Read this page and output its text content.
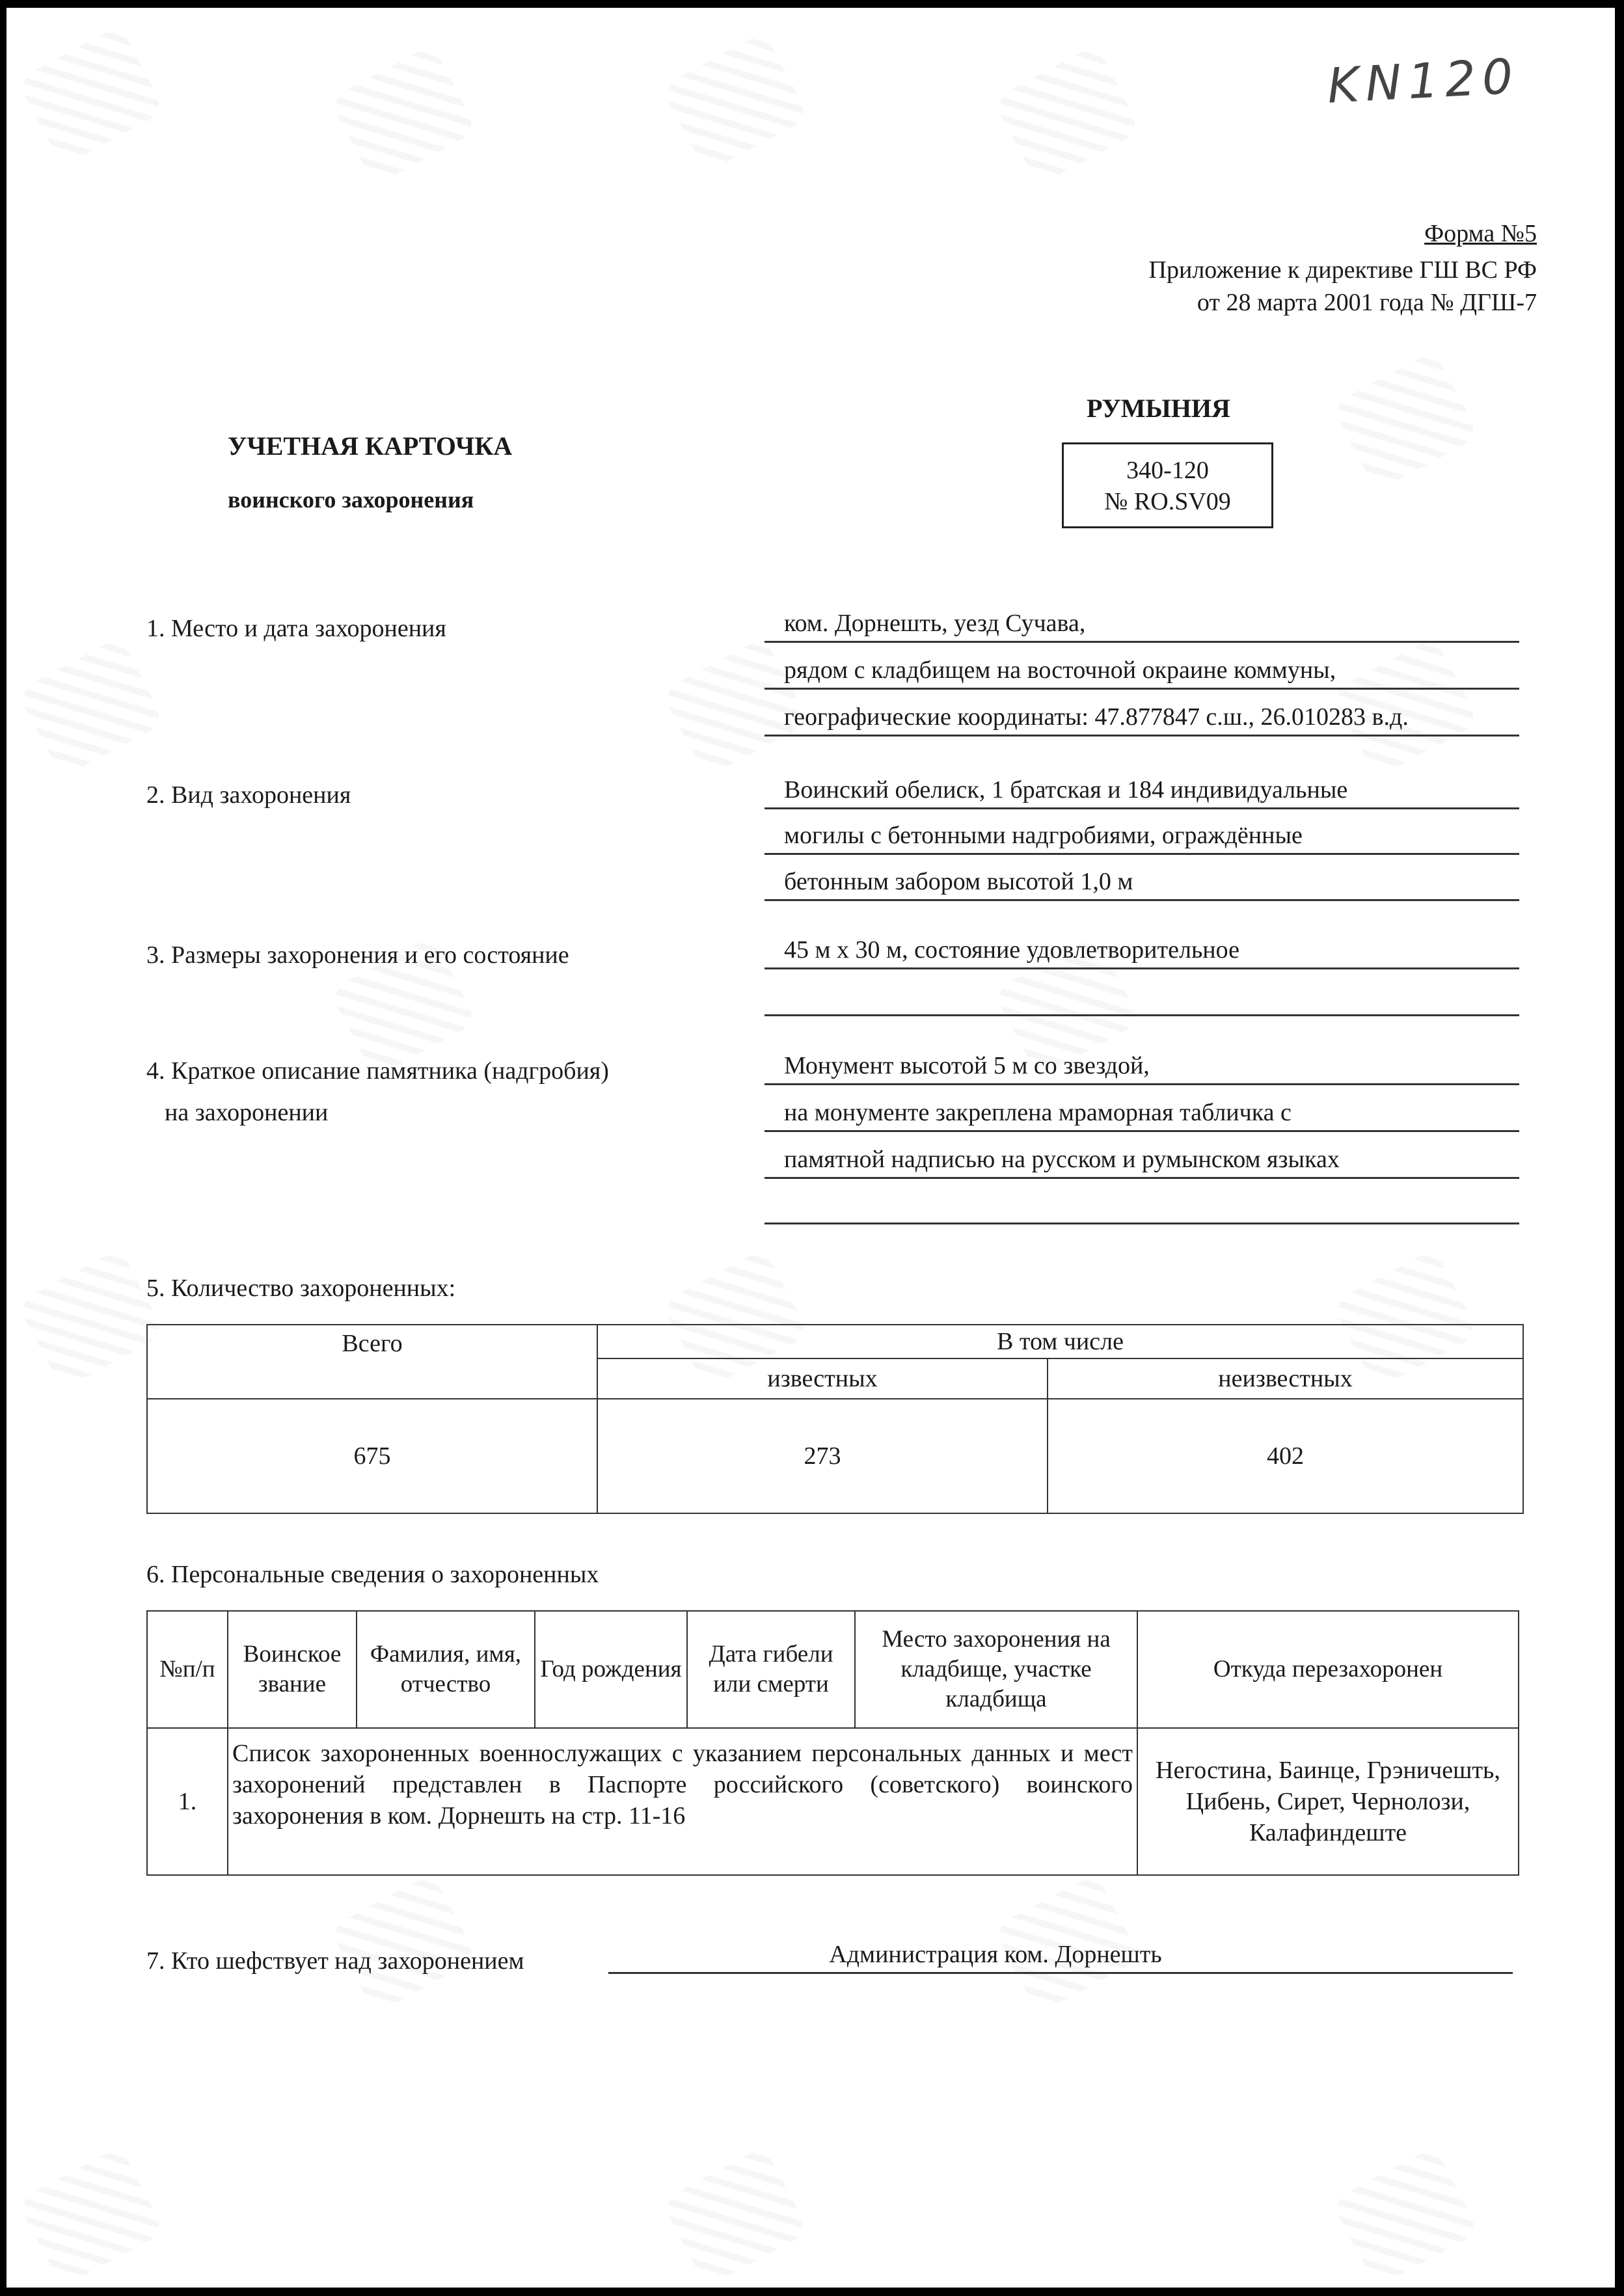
KN120
Форма №5
Приложение к директиве ГШ ВС РФ
от 28 марта 2001 года № ДГШ-7
РУМЫНИЯ
УЧЕТНАЯ КАРТОЧКА
воинского захоронения
340-120
№ RO.SV09
1. Место и дата захоронения	ком. Дорнешть, уезд Сучава,
рядом с кладбищем на восточной окраине коммуны,
географические координаты: 47.877847 с.ш., 26.010283 в.д.
2. Вид захоронения	Воинский обелиск, 1 братская и 184 индивидуальные
могилы с бетонными надгробиями, ограждённые
бетонным забором высотой 1,0 м
3. Размеры захоронения и его состояние	45 м х 30 м, состояние удовлетворительное
4. Краткое описание памятника (надгробия)
на захоронении
Монумент высотой 5 м со звездой,
на монументе закреплена мраморная табличка с
памятной надписью на русском и румынском языках
5. Количество захороненных:
Всего	В том числе	
	известных	неизвестных
675	273	402
6. Персональные сведения о захороненных
№п/п	Воинское звание	Фамилия, имя, отчество	Год рождения	Дата гибели или смерти	Место захоронения на кладбище, участке кладбища	Откуда перезахоронен
1.	Список захороненных военнослужащих с указанием персональных данных и мест захоронений представлен в Паспорте российского (советского) воинского захоронения в ком. Дорнешть на стр. 11-16					Негостина, Баинце, Грэничешть, Цибень, Сирет, Чернолози, Калафиндеште
7. Кто шефствует над захоронением	Администрация ком. Дорнешть
